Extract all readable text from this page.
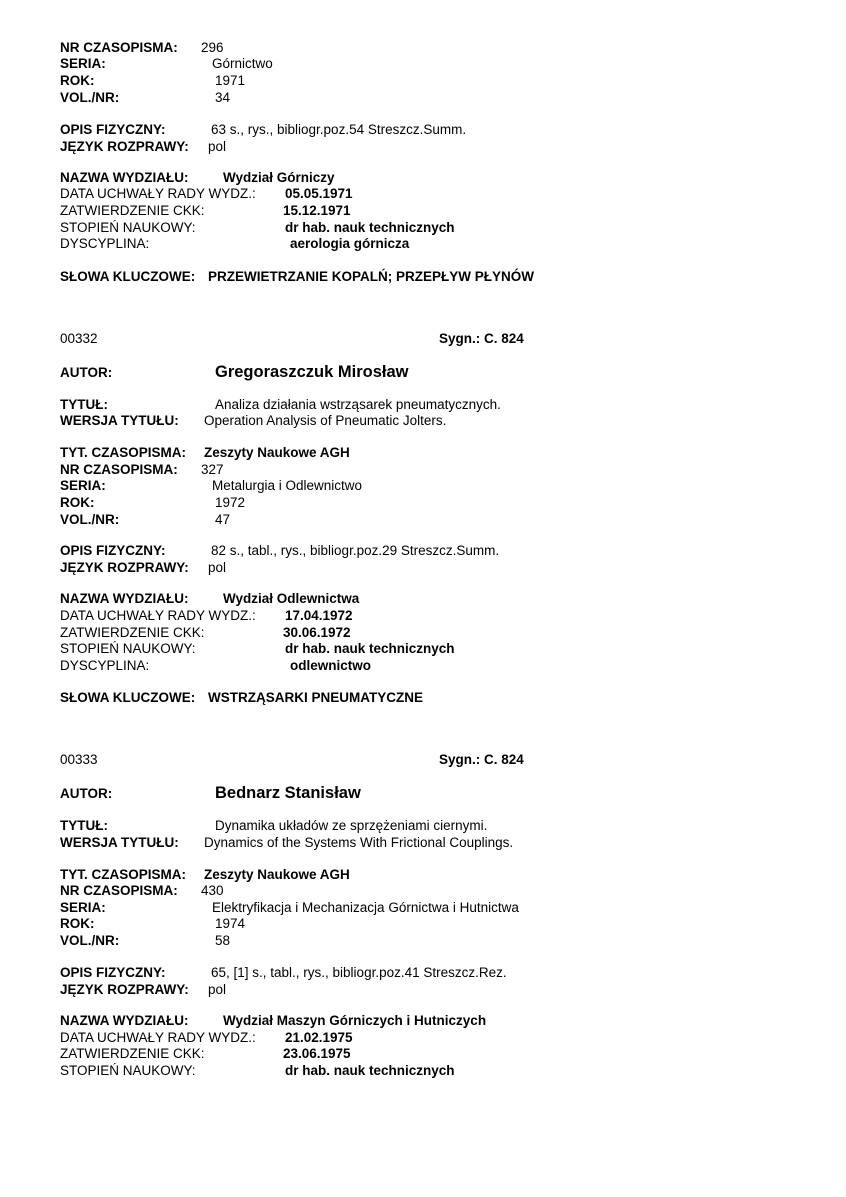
NR CZASOPISMA: 296
SERIA:	Górnictwo
ROK:	1971
VOL./NR:	34
OPIS FIZYCZNY:	63 s., rys., bibliogr.poz.54 Streszcz.Summ.
JĘZYK ROZPRAWY: pol
NAZWA WYDZIAŁU:	Wydział Górniczy
DATA UCHWAŁY RADY WYDZ.: 05.05.1971
ZATWIERDZENIE CKK:	15.12.1971
STOPIEŃ NAUKOWY:	dr hab. nauk technicznych
DYSCYPLINA:	aerologia górnicza
SŁOWA KLUCZOWE: PRZEWIETRZANIE KOPALŃ; PRZEPŁYW PŁYNÓW
00332	Sygn.: C. 824
AUTOR:	Gregoraszczuk Mirosław
TYTUŁ:	Analiza działania wstrząsarek pneumatycznych.
WERSJA TYTUŁU: Operation Analysis of Pneumatic Jolters.
TYT. CZASOPISMA: Zeszyty Naukowe AGH
NR CZASOPISMA: 327
SERIA:	Metalurgia i Odlewnictwo
ROK:	1972
VOL./NR:	47
OPIS FIZYCZNY:	82 s., tabl., rys., bibliogr.poz.29 Streszcz.Summ.
JĘZYK ROZPRAWY: pol
NAZWA WYDZIAŁU:	Wydział Odlewnictwa
DATA UCHWAŁY RADY WYDZ.: 17.04.1972
ZATWIERDZENIE CKK:	30.06.1972
STOPIEŃ NAUKOWY:	dr hab. nauk technicznych
DYSCYPLINA:	odlewnictwo
SŁOWA KLUCZOWE: WSTRZĄSARKI PNEUMATYCZNE
00333	Sygn.: C. 824
AUTOR:	Bednarz Stanisław
TYTUŁ:	Dynamika układów ze sprzężeniami ciernymi.
WERSJA TYTUŁU: Dynamics of the Systems With Frictional Couplings.
TYT. CZASOPISMA: Zeszyty Naukowe AGH
NR CZASOPISMA: 430
SERIA:	Elektryfikacja i Mechanizacja Górnictwa i Hutnictwa
ROK:	1974
VOL./NR:	58
OPIS FIZYCZNY:	65, [1] s., tabl., rys., bibliogr.poz.41 Streszcz.Rez.
JĘZYK ROZPRAWY: pol
NAZWA WYDZIAŁU:	Wydział Maszyn Górniczych i Hutniczych
DATA UCHWAŁY RADY WYDZ.: 21.02.1975
ZATWIERDZENIE CKK:	23.06.1975
STOPIEŃ NAUKOWY:	dr hab. nauk technicznych
